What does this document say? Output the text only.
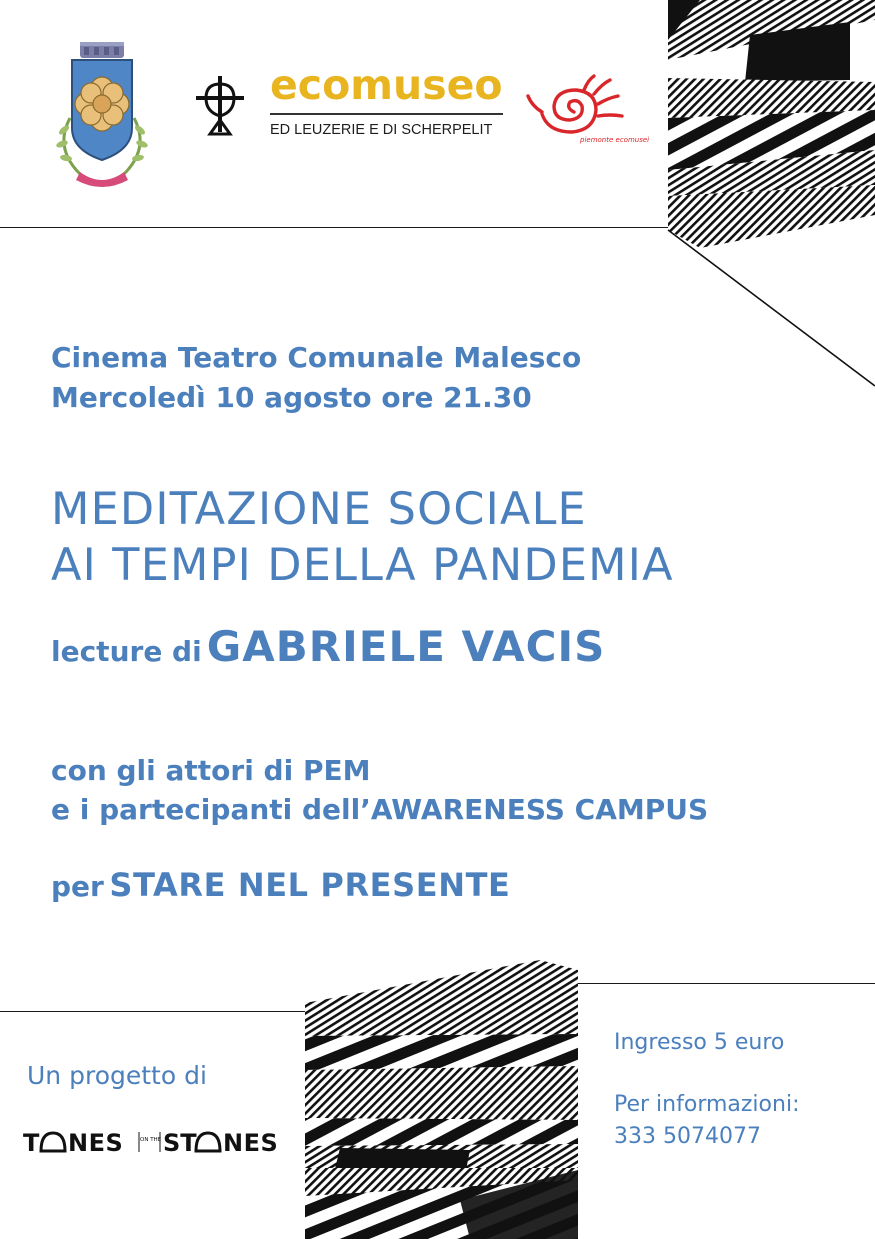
ecomuseo
ED LEUZERIE E DI SCHERPELIT
piemonte ecomusei
Cinema Teatro Comunale Malesco
Mercoledì 10 agosto ore 21.30
MEDITAZIONE SOCIALE
AI TEMPI DELLA PANDEMIA
lecture di GABRIELE VACIS
con gli attori di PEM
e i partecipanti dell’AWARENESS CAMPUS
per STARE NEL PRESENTE
Un progetto di
T NES	ON THE ST NES
Ingresso 5 euro
Per informazioni:
333 5074077
